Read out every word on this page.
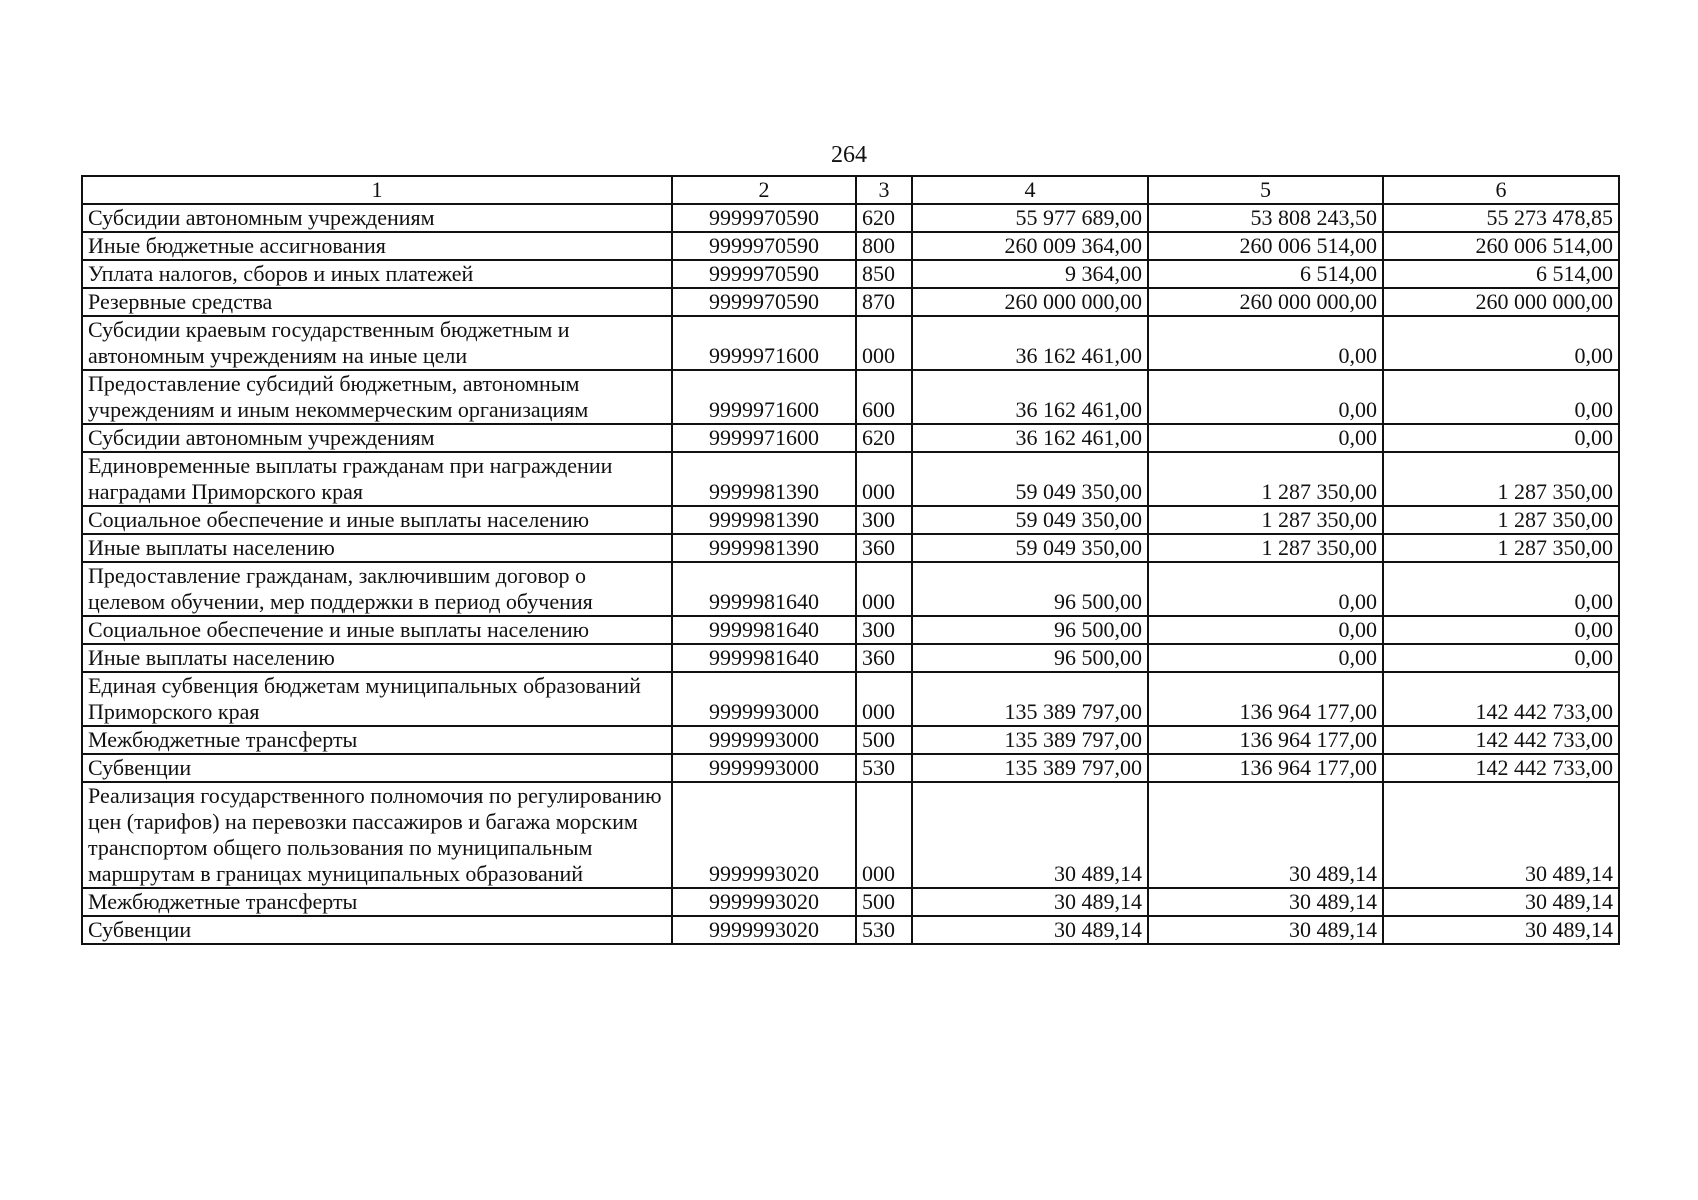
264
1	2	3	4	5	6
Субсидии автономным учреждениям	9999970590	620	55 977 689,00	53 808 243,50	55 273 478,85
Иные бюджетные ассигнования	9999970590	800	260 009 364,00	260 006 514,00	260 006 514,00
Уплата налогов, сборов и иных платежей	9999970590	850	9 364,00	6 514,00	6 514,00
Резервные средства	9999970590	870	260 000 000,00	260 000 000,00	260 000 000,00
Субсидии краевым государственным бюджетным и автономным учреждениям на иные цели	9999971600	000	36 162 461,00	0,00	0,00
Предоставление субсидий бюджетным, автономным учреждениям и иным некоммерческим организациям	9999971600	600	36 162 461,00	0,00	0,00
Субсидии автономным учреждениям	9999971600	620	36 162 461,00	0,00	0,00
Единовременные выплаты гражданам при награждении наградами Приморского края	9999981390	000	59 049 350,00	1 287 350,00	1 287 350,00
Социальное обеспечение и иные выплаты населению	9999981390	300	59 049 350,00	1 287 350,00	1 287 350,00
Иные выплаты населению	9999981390	360	59 049 350,00	1 287 350,00	1 287 350,00
Предоставление гражданам, заключившим договор о целевом обучении, мер поддержки в период обучения	9999981640	000	96 500,00	0,00	0,00
Социальное обеспечение и иные выплаты населению	9999981640	300	96 500,00	0,00	0,00
Иные выплаты населению	9999981640	360	96 500,00	0,00	0,00
Единая субвенция бюджетам муниципальных образований Приморского края	9999993000	000	135 389 797,00	136 964 177,00	142 442 733,00
Межбюджетные трансферты	9999993000	500	135 389 797,00	136 964 177,00	142 442 733,00
Субвенции	9999993000	530	135 389 797,00	136 964 177,00	142 442 733,00
Реализация государственного полномочия по регулированию цен (тарифов) на перевозки пассажиров и багажа морским транспортом общего пользования по муниципальным маршрутам в границах муниципальных образований	9999993020	000	30 489,14	30 489,14	30 489,14
Межбюджетные трансферты	9999993020	500	30 489,14	30 489,14	30 489,14
Субвенции	9999993020	530	30 489,14	30 489,14	30 489,14
